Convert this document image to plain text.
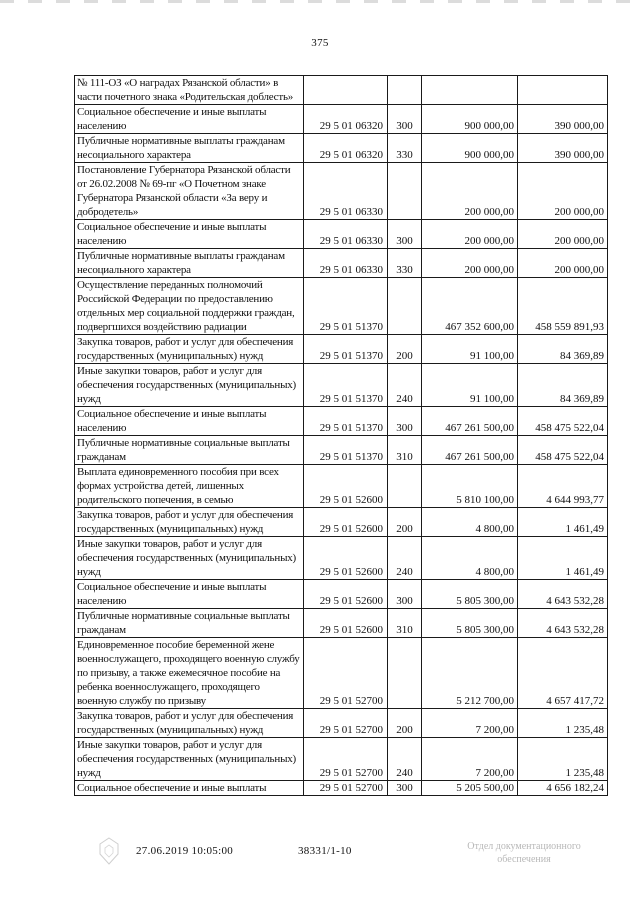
375
№ 111-ОЗ «О наградах Рязанской области» в части почетного знака «Родительская доблесть»				
Социальное обеспечение и иные выплаты населению	29 5 01 06320	300	900 000,00	390 000,00
Публичные нормативные выплаты гражданам несоциального характера	29 5 01 06320	330	900 000,00	390 000,00
Постановление Губернатора Рязанской области от 26.02.2008 № 69-пг «О Почетном знаке Губернатора Рязанской области «За веру и добродетель»	29 5 01 06330		200 000,00	200 000,00
Социальное обеспечение и иные выплаты населению	29 5 01 06330	300	200 000,00	200 000,00
Публичные нормативные выплаты гражданам несоциального характера	29 5 01 06330	330	200 000,00	200 000,00
Осуществление переданных полномочий Российской Федерации по предоставлению отдельных мер социальной поддержки граждан, подвергшихся воздействию радиации	29 5 01 51370		467 352 600,00	458 559 891,93
Закупка товаров, работ и услуг для обеспечения государственных (муниципальных) нужд	29 5 01 51370	200	91 100,00	84 369,89
Иные закупки товаров, работ и услуг для обеспечения государственных (муниципальных) нужд	29 5 01 51370	240	91 100,00	84 369,89
Социальное обеспечение и иные выплаты населению	29 5 01 51370	300	467 261 500,00	458 475 522,04
Публичные нормативные социальные выплаты гражданам	29 5 01 51370	310	467 261 500,00	458 475 522,04
Выплата единовременного пособия при всех формах устройства детей, лишенных родительского попечения, в семью	29 5 01 52600		5 810 100,00	4 644 993,77
Закупка товаров, работ и услуг для обеспечения государственных (муниципальных) нужд	29 5 01 52600	200	4 800,00	1 461,49
Иные закупки товаров, работ и услуг для обеспечения государственных (муниципальных) нужд	29 5 01 52600	240	4 800,00	1 461,49
Социальное обеспечение и иные выплаты населению	29 5 01 52600	300	5 805 300,00	4 643 532,28
Публичные нормативные социальные выплаты гражданам	29 5 01 52600	310	5 805 300,00	4 643 532,28
Единовременное пособие беременной жене военнослужащего, проходящего военную службу по призыву, а также ежемесячное пособие на ребенка военнослужащего, проходящего военную службу по призыву	29 5 01 52700		5 212 700,00	4 657 417,72
Закупка товаров, работ и услуг для обеспечения государственных (муниципальных) нужд	29 5 01 52700	200	7 200,00	1 235,48
Иные закупки товаров, работ и услуг для обеспечения государственных (муниципальных) нужд	29 5 01 52700	240	7 200,00	1 235,48
Социальное обеспечение и иные выплаты	29 5 01 52700	300	5 205 500,00	4 656 182,24
27.06.2019 10:05:00	38331/1-10	Отдел документационного
обеспечения
